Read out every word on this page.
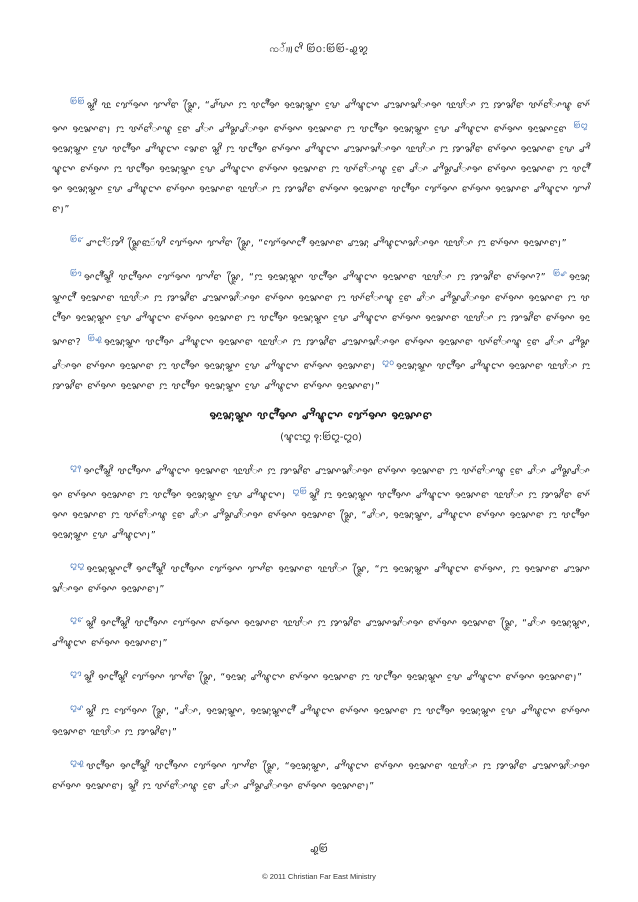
ꩡꨱ꩟ꨈꨪ ꩒꩐:꩒꩒-꩗꩘

$^{꩒꩒}$ ꨘꨪ ꨝꨭ ꨢꨯꨮꨀꨳ ꨢꨳꨩꨓ ꨙꨴ, “ꨣꨱꨔꨳ ꨆꨭ ꨝꨤꨬꨮꨀ ꨀꨭꨗꨲꨘꨳ ꨔꨰ ꨚꨪꨡꨤꨳ ꨚꨭꨗꨳꨗꨩꨳꨀ ꨝꨭꨝꨩꨳ ꨆꨭ ꨇꨗꨪꨓ ꨝꨳꨮꨓꨩꨳꨡ ꨓꨳꨮꨀꨳ ꨀꨭꨗꨳꨓ꩝ ꨆꨭ ꨝꨳꨮꨓꨩꨳꨡ ꨓꨰ ꨣꨩꨳ ꨚꨪꨙꨣꨩꨳꨀ ꨓꨳꨮꨀꨳ ꨀꨭꨗꨳꨓ ꨆꨭ ꨝꨤꨬꨮꨀ ꨀꨭꨗꨲꨘꨳ ꨔꨰ ꨚꨪꨡꨤꨳ ꨓꨳꨮꨀꨳ ꨀꨭꨗꨳꨓꨰ $^{꩒꩓}$ꨀꨭꨗꨲꨘꨳ ꨔꨰ ꨝꨤꨬꨮꨀ ꨚꨪꨡꨤꨳ ꨗꨯꨓ ꨘꨪ ꨆꨭ ꨝꨤꨬꨮꨀ ꨓꨳꨮꨀꨳ ꨚꨪꨡꨤꨳ ꨚꨭꨗꨳꨗꨩꨳꨀ ꨝꨭꨝꨩꨳ ꨆꨭ ꨇꨗꨪꨓ ꨓꨳꨮꨀꨳ ꨀꨭꨗꨳꨓ ꨔꨰ ꨚꨪꨡꨤꨳ ꨓꨳꨮꨀꨳ ꨆꨭ ꨝꨤꨬꨮꨀ ꨀꨭꨗꨲꨘꨳ ꨔꨰ ꨚꨪꨡꨤꨳ ꨓꨳꨮꨀꨳ ꨀꨭꨗꨳꨓ ꨆꨭ ꨝꨳꨮꨓꨩꨳꨡ ꨓꨰ ꨣꨩꨳ ꨚꨪꨙꨣꨩꨳꨀ ꨓꨳꨮꨀꨳ ꨀꨭꨗꨳꨓ ꨆꨭ ꨝꨤꨬꨮꨀ ꨀꨭꨗꨲꨘꨳ ꨔꨰ ꨚꨪꨡꨤꨳ ꨓꨳꨮꨀꨳ ꨀꨭꨗꨳꨓ ꨝꨭꨝꨩꨳ ꨆꨭ ꨇꨗꨪꨓ ꨓꨳꨮꨀꨳ ꨀꨭꨗꨳꨓ ꨝꨤꨬꨮꨀ ꨢꨯꨮꨀꨳ ꨓꨳꨮꨀꨳ ꨀꨭꨗꨳꨓ ꨚꨪꨡꨤꨳ ꨢꨳꨩꨓ꩝”

$^{꩒꩔}$ ꨚꨤꨩꨮꨇꨪ ꨙꨴꨓꨭꨮꨖꨪ ꨢꨯꨮꨀꨳ ꨢꨳꨩꨓ ꨙꨴ, “ꨢꨯꨮꨀꨳꨤꨬꨮ ꨀꨭꨗꨳꨓ ꨚꨭꨗꨲ ꨚꨪꨡꨤꨳꨗꨩꨳꨀ ꨝꨭꨝꨩꨳ ꨆꨭ ꨓꨳꨮꨀꨳ ꨀꨭꨗꨳꨓ꩝”

$^{꩒꩕}$ ꨀꨤꨬꨮꨘꨪ ꨝꨤꨬꨮꨀꨳ ꨢꨯꨮꨀꨳ ꨢꨳꨩꨓ ꨙꨴ, “ꨆꨭ ꨀꨭꨗꨲꨘꨳ ꨝꨤꨬꨮꨀ ꨚꨪꨡꨤꨳ ꨀꨭꨗꨳꨓ ꨝꨭꨝꨩꨳ ꨆꨭ ꨇꨗꨪꨓ ꨓꨳꨮꨀꨳ?” $^{꩒꩖}$ ꨀꨭꨗꨲꨘꨳꨤꨬꨮ ꨀꨭꨗꨳꨓ ꨝꨭꨝꨩꨳ ꨆꨭ ꨇꨗꨪꨓ ꨚꨭꨗꨳꨗꨩꨳꨀ ꨓꨳꨮꨀꨳ ꨀꨭꨗꨳꨓ ꨆꨭ ꨝꨳꨮꨓꨩꨳꨡ ꨓꨰ ꨣꨩꨳ ꨚꨪꨙꨣꨩꨳꨀ ꨓꨳꨮꨀꨳ ꨀꨭꨗꨳꨓ ꨆꨭ ꨝꨤꨬꨮꨀ ꨀꨭꨗꨲꨘꨳ ꨔꨰ ꨚꨪꨡꨤꨳ ꨓꨳꨮꨀꨳ ꨀꨭꨗꨳꨓ ꨆꨭ ꨝꨤꨬꨮꨀ ꨀꨭꨗꨲꨘꨳ ꨔꨰ ꨚꨪꨡꨤꨳ ꨓꨳꨮꨀꨳ ꨀꨭꨗꨳꨓ ꨝꨭꨝꨩꨳ ꨆꨭ ꨇꨗꨪꨓ ꨓꨳꨮꨀꨳ ꨀꨭꨗꨳꨓ? $^{꩒꩗}$ ꨀꨭꨗꨲꨘꨳ ꨝꨤꨬꨮꨀ ꨚꨪꨡꨤꨳ ꨀꨭꨗꨳꨓ ꨝꨭꨝꨩꨳ ꨆꨭ ꨇꨗꨪꨓ ꨚꨭꨗꨳꨗꨩꨳꨀ ꨓꨳꨮꨀꨳ ꨀꨭꨗꨳꨓ ꨝꨳꨮꨓꨩꨳꨡ ꨓꨰ ꨣꨩꨳ ꨚꨪꨙꨣꨩꨳꨀ ꨓꨳꨮꨀꨳ ꨀꨭꨗꨳꨓ ꨆꨭ ꨝꨤꨬꨮꨀ ꨀꨭꨗꨲꨘꨳ ꨔꨰ ꨚꨪꨡꨤꨳ ꨓꨳꨮꨀꨳ ꨀꨭꨗꨳꨓ꩝ $^{꩓꩐}$ ꨀꨭꨗꨲꨘꨳ ꨝꨤꨬꨮꨀ ꨚꨪꨡꨤꨳ ꨀꨭꨗꨳꨓ ꨝꨭꨝꨩꨳ ꨆꨭ ꨇꨗꨪꨓ ꨓꨳꨮꨀꨳ ꨀꨭꨗꨳꨓ ꨆꨭ ꨝꨤꨬꨮꨀ ꨀꨭꨗꨲꨘꨳ ꨔꨰ ꨚꨪꨡꨤꨳ ꨓꨳꨮꨀꨳ ꨀꨭꨗꨳꨓ꩝”

ꨀꨭꨗꨲꨘꨳ ꨝꨤꨬꨮꨀꨳ ꨚꨪꨡꨤꨳ ꨢꨯꨮꨀꨳ ꨀꨭꨗꨳꨓ
(ꨡꨤꨭꨁ ꩑:꩒꩓-꩓꩐)

$^{꩓꩑}$ ꨀꨤꨬꨮꨘꨪ ꨝꨤꨬꨮꨀꨳ ꨚꨪꨡꨤꨳ ꨀꨭꨗꨳꨓ ꨝꨭꨝꨩꨳ ꨆꨭ ꨇꨗꨪꨓ ꨚꨭꨗꨳꨗꨩꨳꨀ ꨓꨳꨮꨀꨳ ꨀꨭꨗꨳꨓ ꨆꨭ ꨝꨳꨮꨓꨩꨳꨡ ꨓꨰ ꨣꨩꨳ ꨚꨪꨙꨣꨩꨳꨀ ꨓꨳꨮꨀꨳ ꨀꨭꨗꨳꨓ ꨆꨭ ꨝꨤꨬꨮꨀ ꨀꨭꨗꨲꨘꨳ ꨔꨰ ꨚꨪꨡꨤꨳ꩝ $^{꩓꩒}$ ꨘꨪ ꨆꨭ ꨀꨭꨗꨲꨘꨳ ꨝꨤꨬꨮꨀꨳ ꨚꨪꨡꨤꨳ ꨀꨭꨗꨳꨓ ꨝꨭꨝꨩꨳ ꨆꨭ ꨇꨗꨪꨓ ꨓꨳꨮꨀꨳ ꨀꨭꨗꨳꨓ ꨆꨭ ꨝꨳꨮꨓꨩꨳꨡ ꨓꨰ ꨣꨩꨳ ꨚꨪꨙꨣꨩꨳꨀ ꨓꨳꨮꨀꨳ ꨀꨭꨗꨳꨓ ꨙꨴ, “ꨣꨩꨳ, ꨀꨭꨗꨲꨘꨳ, ꨚꨪꨡꨤꨳ ꨓꨳꨮꨀꨳ ꨀꨭꨗꨳꨓ ꨆꨭ ꨝꨤꨬꨮꨀ ꨀꨭꨗꨲꨘꨳ ꨔꨰ ꨚꨪꨡꨤꨳ꩝”

$^{꩓꩓}$ ꨀꨭꨗꨲꨘꨳꨤꨬꨮ ꨀꨤꨬꨮꨘꨪ ꨝꨤꨬꨮꨀꨳ ꨢꨯꨮꨀꨳ ꨢꨳꨩꨓ ꨀꨭꨗꨳꨓ ꨝꨭꨝꨩꨳ ꨙꨴ, “ꨆꨭ ꨀꨭꨗꨲꨘꨳ ꨚꨪꨡꨤꨳ ꨓꨳꨮꨀꨳ, ꨆꨭ ꨀꨭꨗꨳꨓ ꨚꨭꨗꨳꨗꨩꨳꨀ ꨓꨳꨮꨀꨳ ꨀꨭꨗꨳꨓ꩝”

$^{꩓꩔}$ ꨘꨪ ꨀꨤꨬꨮꨘꨪ ꨝꨤꨬꨮꨀꨳ ꨢꨯꨮꨀꨳ ꨓꨳꨮꨀꨳ ꨀꨭꨗꨳꨓ ꨝꨭꨝꨩꨳ ꨆꨭ ꨇꨗꨪꨓ ꨚꨭꨗꨳꨗꨩꨳꨀ ꨓꨳꨮꨀꨳ ꨀꨭꨗꨳꨓ ꨙꨴ, “ꨣꨩꨳ ꨀꨭꨗꨲꨘꨳ, ꨚꨪꨡꨤꨳ ꨓꨳꨮꨀꨳ ꨀꨭꨗꨳꨓ꩝”

$^{꩓꩕}$ ꨘꨪ ꨀꨤꨬꨮꨘꨪ ꨢꨯꨮꨀꨳ ꨢꨳꨩꨓ ꨙꨴ, “ꨀꨭꨗꨲ ꨚꨪꨡꨤꨳ ꨓꨳꨮꨀꨳ ꨀꨭꨗꨳꨓ ꨆꨭ ꨝꨤꨬꨮꨀ ꨀꨭꨗꨲꨘꨳ ꨔꨰ ꨚꨪꨡꨤꨳ ꨓꨳꨮꨀꨳ ꨀꨭꨗꨳꨓ꩝”

$^{꩓꩖}$ ꨘꨪ ꨆꨭ ꨢꨯꨮꨀꨳ ꨙꨴ, “ꨣꨩꨳ, ꨀꨭꨗꨲꨘꨳ, ꨀꨭꨗꨲꨘꨳꨤꨬꨮ ꨚꨪꨡꨤꨳ ꨓꨳꨮꨀꨳ ꨀꨭꨗꨳꨓ ꨆꨭ ꨝꨤꨬꨮꨀ ꨀꨭꨗꨲꨘꨳ ꨔꨰ ꨚꨪꨡꨤꨳ ꨓꨳꨮꨀꨳ ꨀꨭꨗꨳꨓ ꨝꨭꨝꨩꨳ ꨆꨭ ꨇꨗꨪꨓ꩝”

$^{꩓꩗}$ ꨝꨤꨬꨮꨀ ꨀꨤꨬꨮꨘꨪ ꨝꨤꨬꨮꨀꨳ ꨢꨯꨮꨀꨳ ꨢꨳꨩꨓ ꨙꨴ, “ꨀꨭꨗꨲꨘꨳ, ꨚꨪꨡꨤꨳ ꨓꨳꨮꨀꨳ ꨀꨭꨗꨳꨓ ꨝꨭꨝꨩꨳ ꨆꨭ ꨇꨗꨪꨓ ꨚꨭꨗꨳꨗꨩꨳꨀ ꨓꨳꨮꨀꨳ ꨀꨭꨗꨳꨓ꩝ ꨘꨪ ꨆꨭ ꨝꨳꨮꨓꨩꨳꨡ ꨓꨰ ꨣꨩꨳ ꨚꨪꨙꨣꨩꨳꨀ ꨓꨳꨮꨀꨳ ꨀꨭꨗꨳꨓ꩝”

꩗꩒
© 2011 Christian Far East Ministry
